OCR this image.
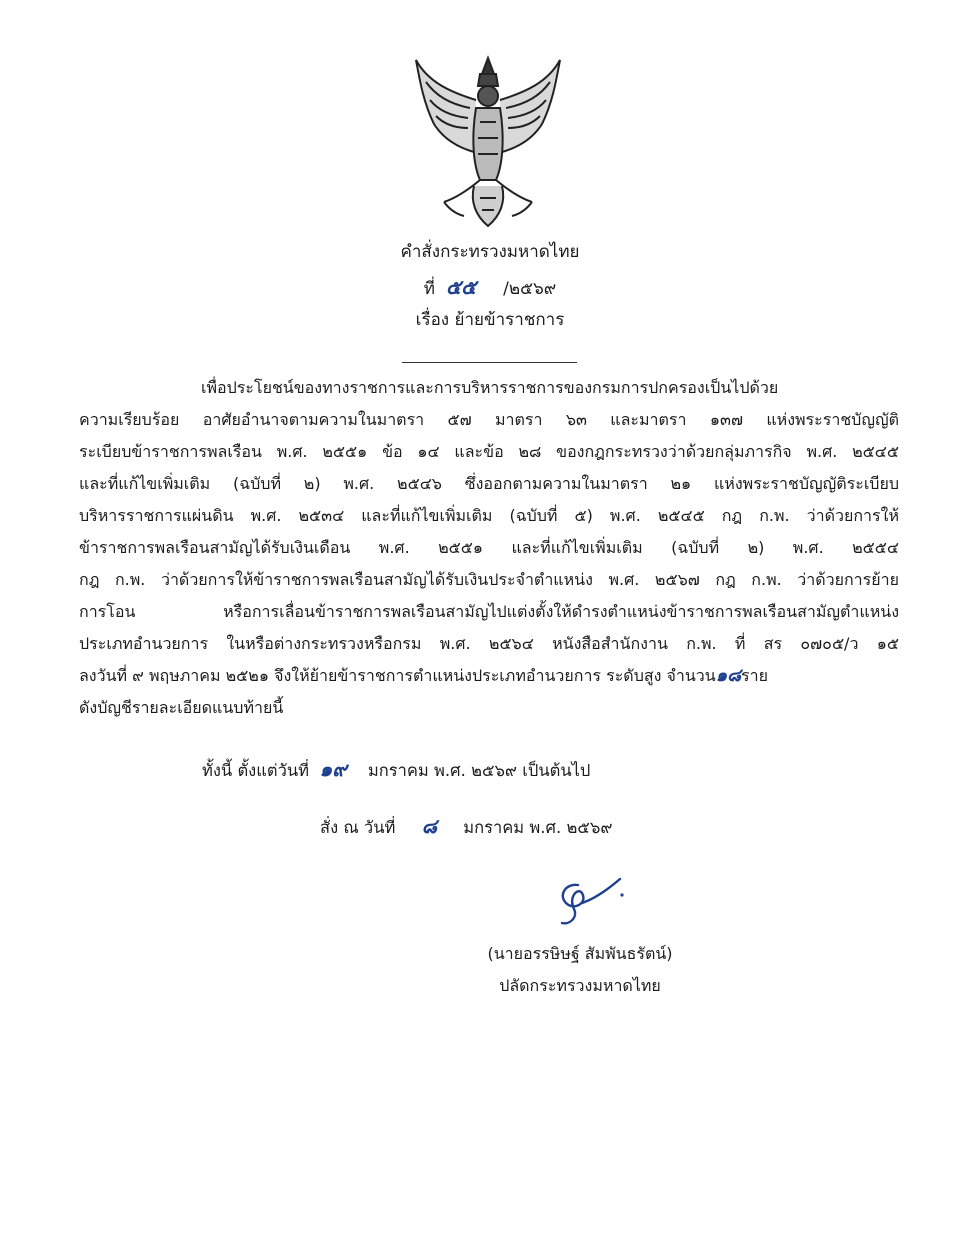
คำสั่งกระทรวงมหาดไทย
ที่ ๕๕ /๒๕๖๙
เรื่อง ย้ายข้าราชการ
เพื่อประโยชน์ของทางราชการและการบริหารราชการของกรมการปกครองเป็นไปด้วย
ความเรียบร้อย อาศัยอำนาจตามความในมาตรา ๕๗ มาตรา ๖๓ และมาตรา ๑๓๗ แห่งพระราชบัญญัติ
ระเบียบข้าราชการพลเรือน พ.ศ. ๒๕๕๑ ข้อ ๑๔ และข้อ ๒๘ ของกฎกระทรวงว่าด้วยกลุ่มภารกิจ พ.ศ. ๒๕๔๕
และที่แก้ไขเพิ่มเติม (ฉบับที่ ๒) พ.ศ. ๒๕๔๖ ซึ่งออกตามความในมาตรา ๒๑ แห่งพระราชบัญญัติระเบียบ
บริหารราชการแผ่นดิน พ.ศ. ๒๕๓๔ และที่แก้ไขเพิ่มเติม (ฉบับที่ ๕) พ.ศ. ๒๕๔๕ กฎ ก.พ. ว่าด้วยการให้
ข้าราชการพลเรือนสามัญได้รับเงินเดือน พ.ศ. ๒๕๕๑ และที่แก้ไขเพิ่มเติม (ฉบับที่ ๒) พ.ศ. ๒๕๕๔
กฎ ก.พ. ว่าด้วยการให้ข้าราชการพลเรือนสามัญได้รับเงินประจำตำแหน่ง พ.ศ. ๒๕๖๗ กฎ ก.พ. ว่าด้วยการย้าย
การโอน หรือการเลื่อนข้าราชการพลเรือนสามัญไปแต่งตั้งให้ดำรงตำแหน่งข้าราชการพลเรือนสามัญตำแหน่ง
ประเภทอำนวยการ ในหรือต่างกระทรวงหรือกรม พ.ศ. ๒๕๖๔ หนังสือสำนักงาน ก.พ. ที่ สร ๐๗๐๕/ว ๑๕
ลงวันที่ ๙ พฤษภาคม ๒๕๒๑ จึงให้ย้ายข้าราชการตำแหน่งประเภทอำนวยการ ระดับสูง จำนวน๑๘ราย
ดังบัญชีรายละเอียดแนบท้ายนี้
ทั้งนี้ ตั้งแต่วันที่ ๑๙ มกราคม พ.ศ. ๒๕๖๙ เป็นต้นไป
สั่ง ณ วันที่ ๘ มกราคม พ.ศ. ๒๕๖๙
(นายอรรษิษฐ์ สัมพันธรัตน์)
ปลัดกระทรวงมหาดไทย
